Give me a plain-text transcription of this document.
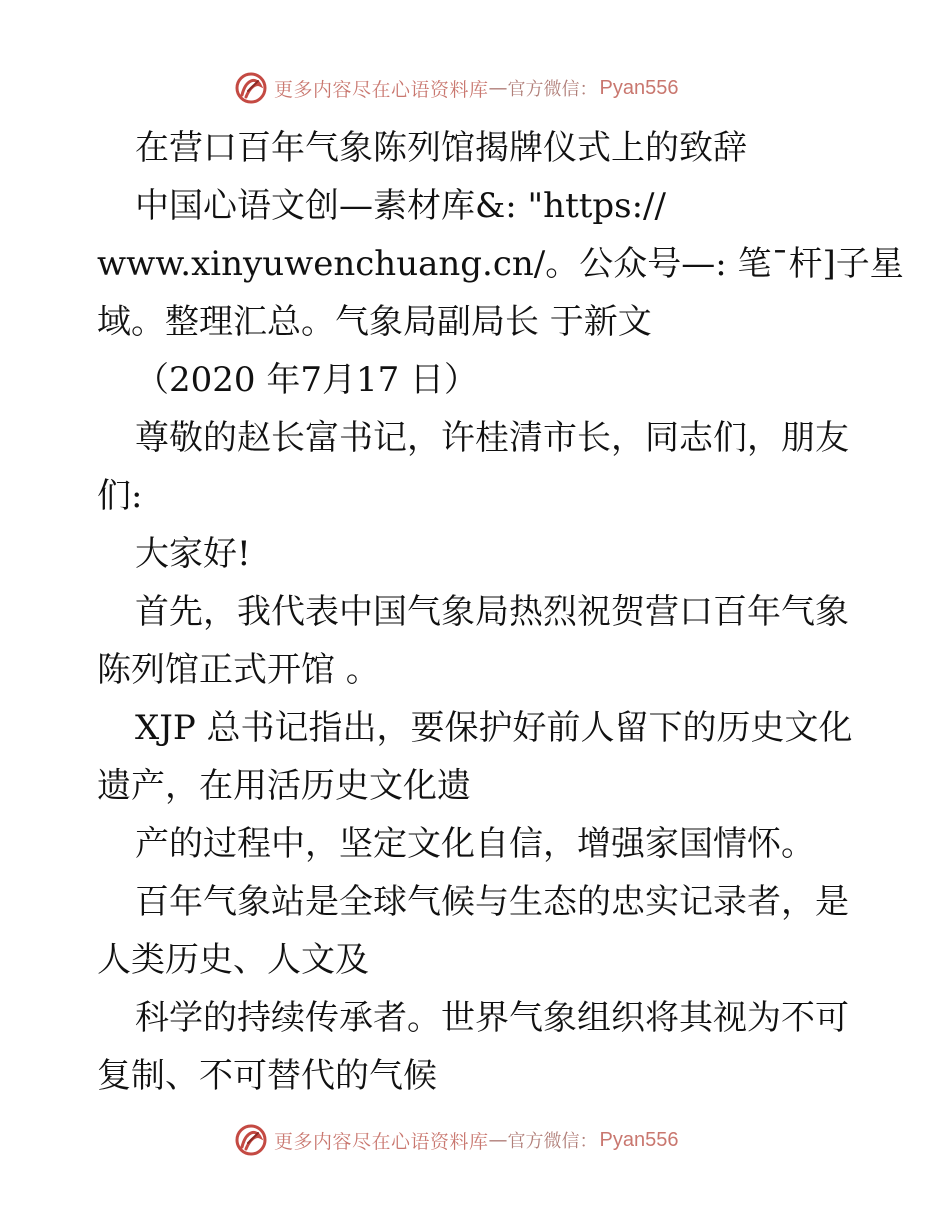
更多内容尽在心语资料库 — 官方微信： Pyan556
在营口百年气象陈列馆揭牌仪式上的致辞
中国心语文创—素材库&: "https://
www.xinyuwenchuang.cn/。公众号—: 笔¯杆]子星
域。整理汇总。气象局副局长 于新文
（2020 年7月17 日）
尊敬的赵长富书记，许桂清市长，同志们，朋友
们:
大家好!
首先，我代表中国气象局热烈祝贺营口百年气象
陈列馆正式开馆 。
XJP 总书记指出，要保护好前人留下的历史文化
遗产，在用活历史文化遗
产的过程中，坚定文化自信，增强家国情怀。
百年气象站是全球气候与生态的忠实记录者，是
人类历史、人文及
科学的持续传承者。世界气象组织将其视为不可
复制、不可替代的气候
更多内容尽在心语资料库 — 官方微信： Pyan556
